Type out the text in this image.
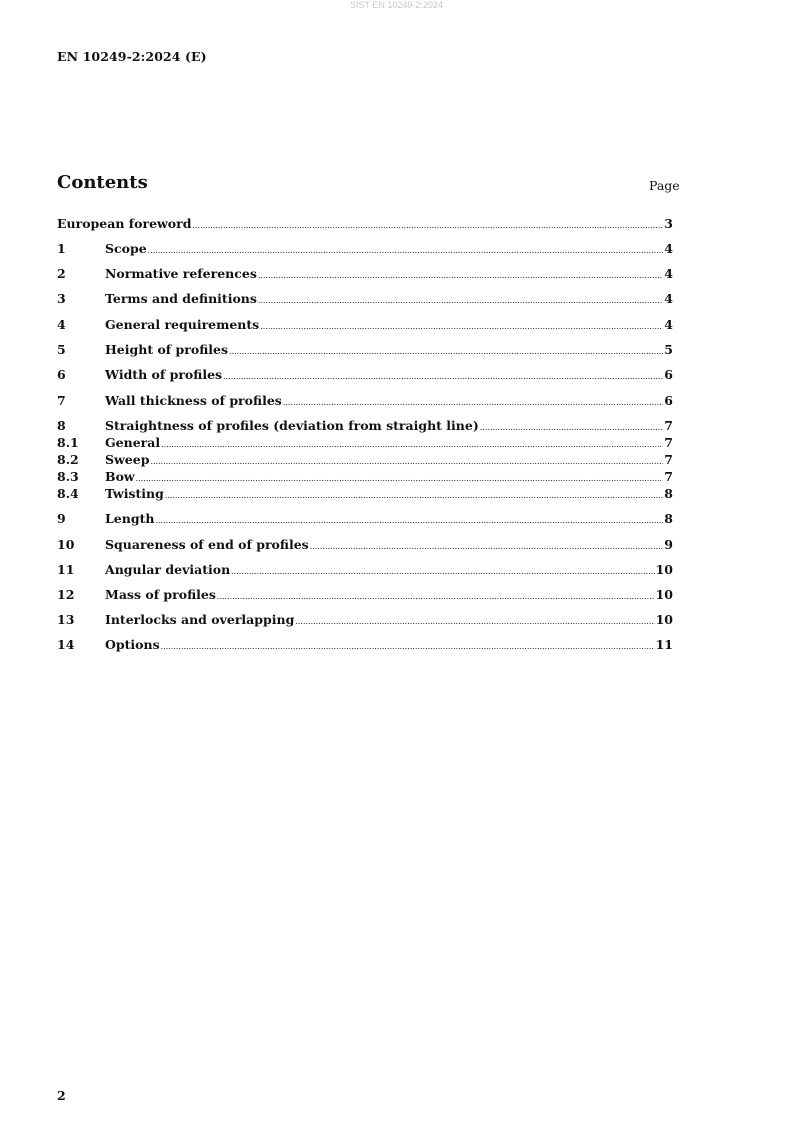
SIST EN 10249-2:2024
EN 10249-2:2024 (E)
Contents	Page
European foreword .....	3
1	Scope .....	4
2	Normative references .....	4
3	Terms and definitions .....	4
4	General requirements .....	4
5	Height of profiles .....	5
6	Width of profiles .....	6
7	Wall thickness of profiles .....	6
8	Straightness of profiles (deviation from straight line) .....	7
8.1	General .....	7
8.2	Sweep .....	7
8.3	Bow .....	7
8.4	Twisting .....	8
9	Length .....	8
10	Squareness of end of profiles .....	9
11	Angular deviation .....	10
12	Mass of profiles .....	10
13	Interlocks and overlapping .....	10
14	Options .....	11
2
